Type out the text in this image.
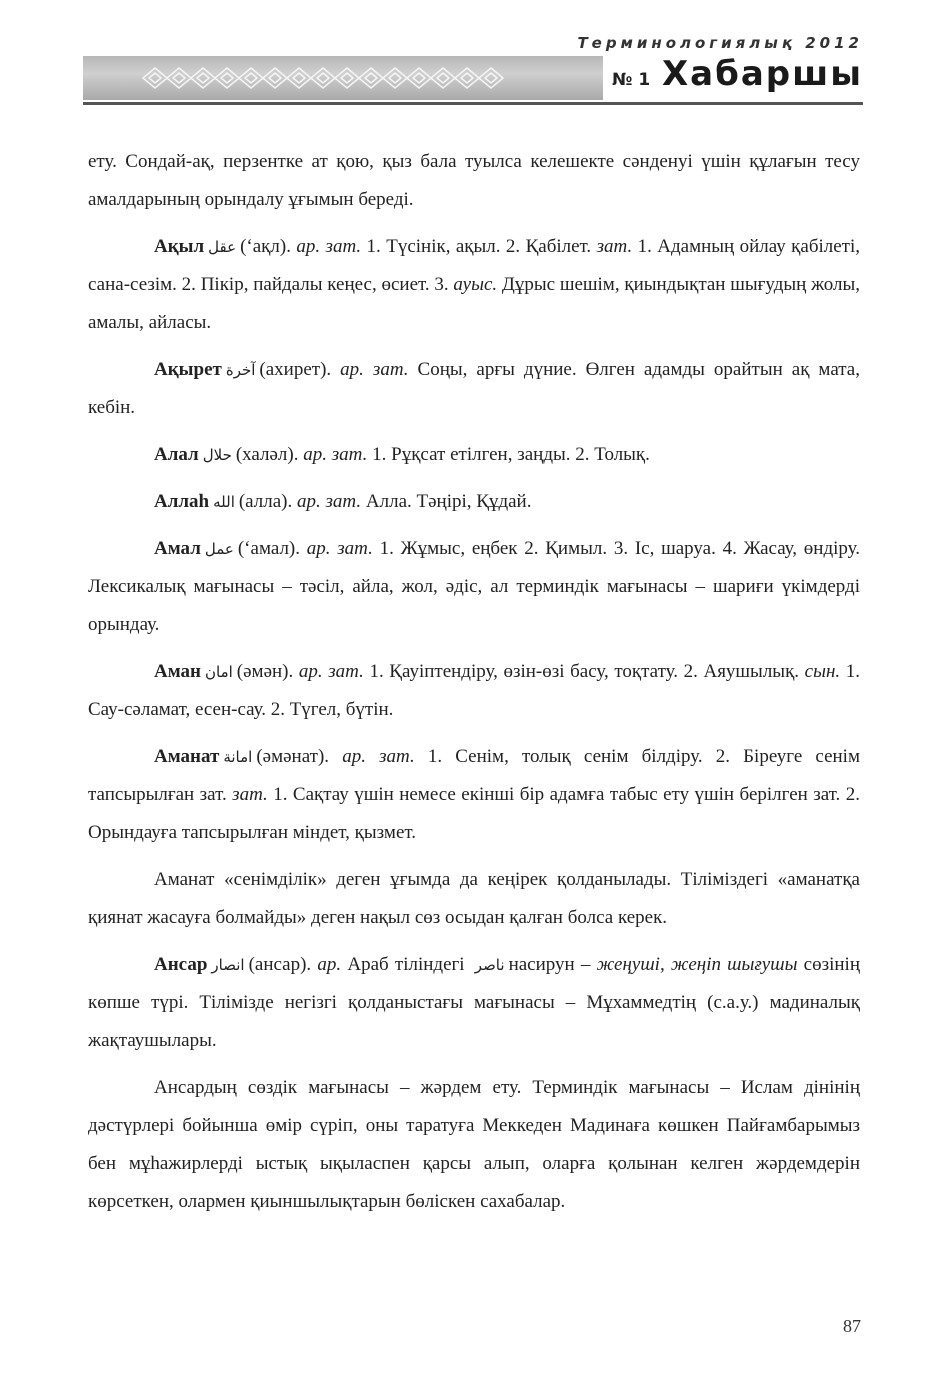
Терминологиялық 2012
№ 1 Хабаршы

ету. Сондай-ақ, перзентке ат қою, қыз бала туылса келешекте сәнденуі үшін құлағын тесу амалдарының орындалу ұғымын береді.

Ақыл عقل (‘ақл). ар. зат. 1. Түсінік, ақыл. 2. Қабілет. зат. 1. Адамның ойлау қабілеті, сана-сезім. 2. Пікір, пайдалы кеңес, өсиет. 3. ауыс. Дұрыс шешім, қиындықтан шығудың жолы, амалы, айласы.

Ақырет آخرة (ахирет). ар. зат. Соңы, арғы дүние. Өлген адамды орайтын ақ мата, кебін.

Алал حلال (халәл). ар. зат. 1. Рұқсат етілген, заңды. 2. Толық.

Аллаһ الله (алла). ар. зат. Алла. Тәңірі, Құдай.

Амал عمل (‘амал). ар. зат. 1. Жұмыс, еңбек 2. Қимыл. 3. Іс, шаруа. 4. Жасау, өндіру. Лексикалық мағынасы – тәсіл, айла, жол, әдіс, ал терминдік мағынасы – шариғи үкімдерді орындау.

Аман امان (әмән). ар. зат. 1. Қауіптендіру, өзін-өзі басу, тоқтату. 2. Аяушылық. сын. 1. Сау-сәламат, есен-сау. 2. Түгел, бүтін.

Аманат امانة (әмәнат). ар. зат. 1. Сенім, толық сенім білдіру. 2. Біреуге сенім тапсырылған зат. зат. 1. Сақтау үшін немесе екінші бір адамға табыс ету үшін берілген зат. 2. Орындауға тапсырылған міндет, қызмет.

Аманат «сенімділік» деген ұғымда да кеңірек қолданылады. Тіліміздегі «аманатқа қиянат жасауға болмайды» деген нақыл сөз осыдан қалған болса керек.

Ансар انصار (ансар). ар. Араб тіліндегі ناصر насирун – жеңуші, жеңіп шығушы сөзінің көпше түрі. Тілімізде негізгі қолданыстағы мағынасы – Мұхаммедтің (с.а.у.) мадиналық жақтаушылары.

Ансардың сөздік мағынасы – жәрдем ету. Терминдік мағынасы – Ислам дінінің дәстүрлері бойынша өмір сүріп, оны таратуға Меккеден Мадинаға көшкен Пайғамбарымыз бен мұһажирлерді ыстық ықыласпен қарсы алып, оларға қолынан келген жәрдемдерін көрсеткен, олармен қиыншылықтарын бөліскен сахабалар.

87
